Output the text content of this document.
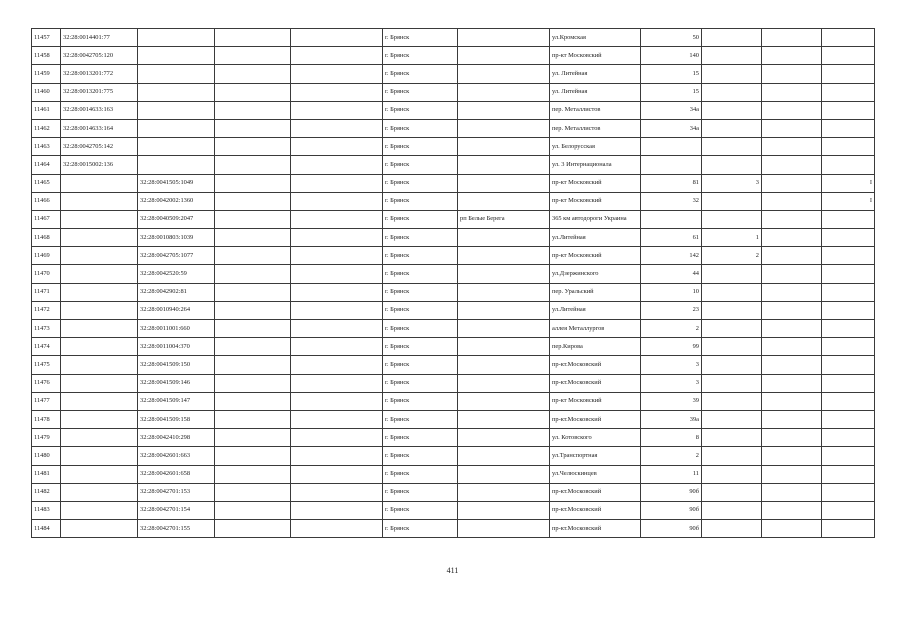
11457	32:28:0014401:77				г. Брянск		ул.Кромская	50			
11458	32:28:0042705:120				г. Брянск		пр-кт Московский	140			
11459	32:28:0013201:772				г. Брянск		ул. Литейная	15			
11460	32:28:0013201:775				г. Брянск		ул. Литейная	15			
11461	32:28:0014633:163				г. Брянск		пер. Металлистов	34а			
11462	32:28:0014633:164				г. Брянск		пер. Металлистов	34а			
11463	32:28:0042705:142				г. Брянск		ул. Белорусская				
11464	32:28:0015002:136				г. Брянск		ул. 3 Интернационала				
11465		32:28:0041505:1049			г. Брянск		пр-кт Московский	81	3		I
11466		32:28:0042002:1360			г. Брянск		пр-кт Московский	32			I
11467		32:28:0040509:2047			г. Брянск	рп Белые Берега	365 км автодороги Украина				
11468		32:28:0010803:1039			г. Брянск		ул.Литейная	61	1		
11469		32:28:0042705:1077			г. Брянск		пр-кт Московский	142	2		
11470		32:28:0042520:59			г. Брянск		ул.Дзержинского	44			
11471		32:28:0042902:81			г. Брянск		пер. Уральский	10			
11472		32:28:0010940:264			г. Брянск		ул.Литейная	23			
11473		32:28:0011001:660			г. Брянск		аллея Металлургов	2			
11474		32:28:0011004:370			г. Брянск		пер.Кирова	99			
11475		32:28:0041509:150			г. Брянск		пр-кт.Московский	3			
11476		32:28:0041509:146			г. Брянск		пр-кт.Московский	3			
11477		32:28:0041509:147			г. Брянск		пр-кт Московский	39			
11478		32:28:0041509:158			г. Брянск		пр-кт.Московский	39а			
11479		32:28:0042410:298			г. Брянск		ул. Котовского	8			
11480		32:28:0042601:663			г. Брянск		ул.Транспортная	2			
11481		32:28:0042601:658			г. Брянск		ул.Челюскинцев	11			
11482		32:28:0042701:153			г. Брянск		пр-кт.Московский	90б			
11483		32:28:0042701:154			г. Брянск		пр-кт.Московский	90б			
11484		32:28:0042701:155			г. Брянск		пр-кт.Московский	90б			
411
